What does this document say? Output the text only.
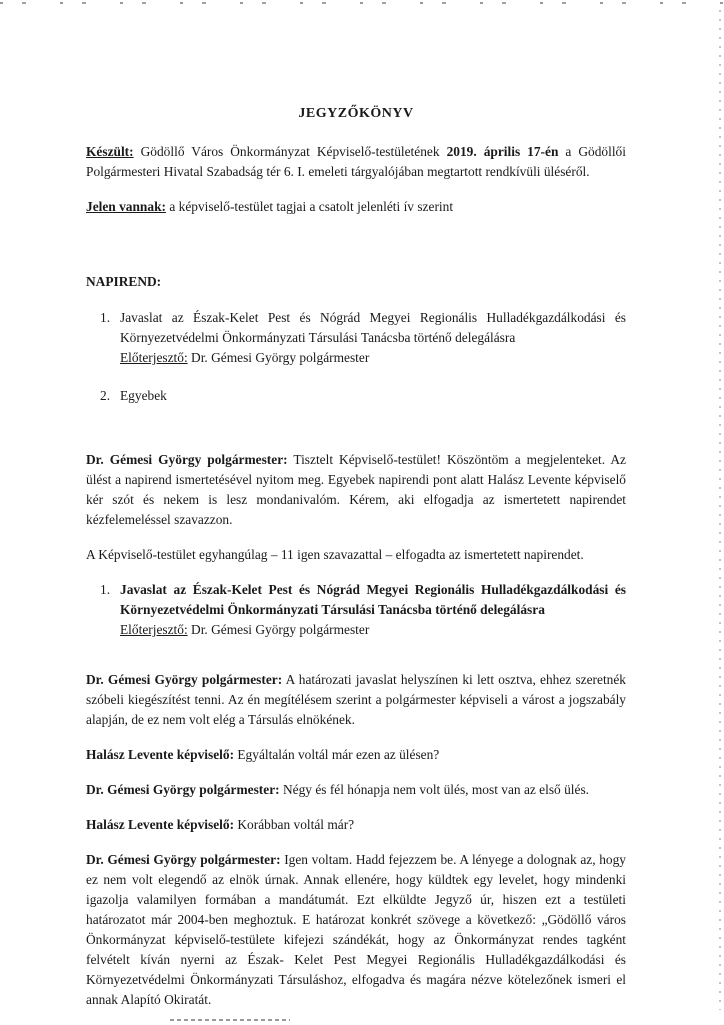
JEGYZŐKÖNYV

Készült: Gödöllő Város Önkormányzat Képviselő-testületének 2019. április 17-én a Gödöllői Polgármesteri Hivatal Szabadság tér 6. I. emeleti tárgyalójában megtartott rendkívüli üléséről.

Jelen vannak: a képviselő-testület tagjai a csatolt jelenléti ív szerint

NAPIREND:
1. Javaslat az Észak-Kelet Pest és Nógrád Megyei Regionális Hulladékgazdálkodási és Környezetvédelmi Önkormányzati Társulási Tanácsba történő delegálásra
Előterjesztő: Dr. Gémesi György polgármester
2. Egyebek

Dr. Gémesi György polgármester: Tisztelt Képviselő-testület! Köszöntöm a megjelenteket. Az ülést a napirend ismertetésével nyitom meg. Egyebek napirendi pont alatt Halász Levente képviselő kér szót és nekem is lesz mondanivalóm. Kérem, aki elfogadja az ismertetett napirendet kézfelemeléssel szavazzon.

A Képviselő-testület egyhangúlag – 11 igen szavazattal – elfogadta az ismertetett napirendet.

1. Javaslat az Észak-Kelet Pest és Nógrád Megyei Regionális Hulladékgazdálkodási és Környezetvédelmi Önkormányzati Társulási Tanácsba történő delegálásra
Előterjesztő: Dr. Gémesi György polgármester

Dr. Gémesi György polgármester: A határozati javaslat helyszínen ki lett osztva, ehhez szeretnék szóbeli kiegészítést tenni. Az én megítélésem szerint a polgármester képviseli a várost a jogszabály alapján, de ez nem volt elég a Társulás elnökének.

Halász Levente képviselő: Egyáltalán voltál már ezen az ülésen?

Dr. Gémesi György polgármester: Négy és fél hónapja nem volt ülés, most van az első ülés.

Halász Levente képviselő: Korábban voltál már?

Dr. Gémesi György polgármester: Igen voltam. Hadd fejezzem be. A lényege a dolognak az, hogy ez nem volt elegendő az elnök úrnak. Annak ellenére, hogy küldtek egy levelet, hogy mindenki igazolja valamilyen formában a mandátumát. Ezt elküldte Jegyző úr, hiszen ezt a testületi határozatot már 2004-ben meghoztuk. E határozat konkrét szövege a következő: „Gödöllő város Önkormányzat képviselő-testülete kifejezi szándékát, hogy az Önkormányzat rendes tagként felvételt kíván nyerni az Észak- Kelet Pest Megyei Regionális Hulladékgazdálkodási és Környezetvédelmi Önkormányzati Társuláshoz, elfogadva és magára nézve kötelezőnek ismeri el annak Alapító Okiratát.
